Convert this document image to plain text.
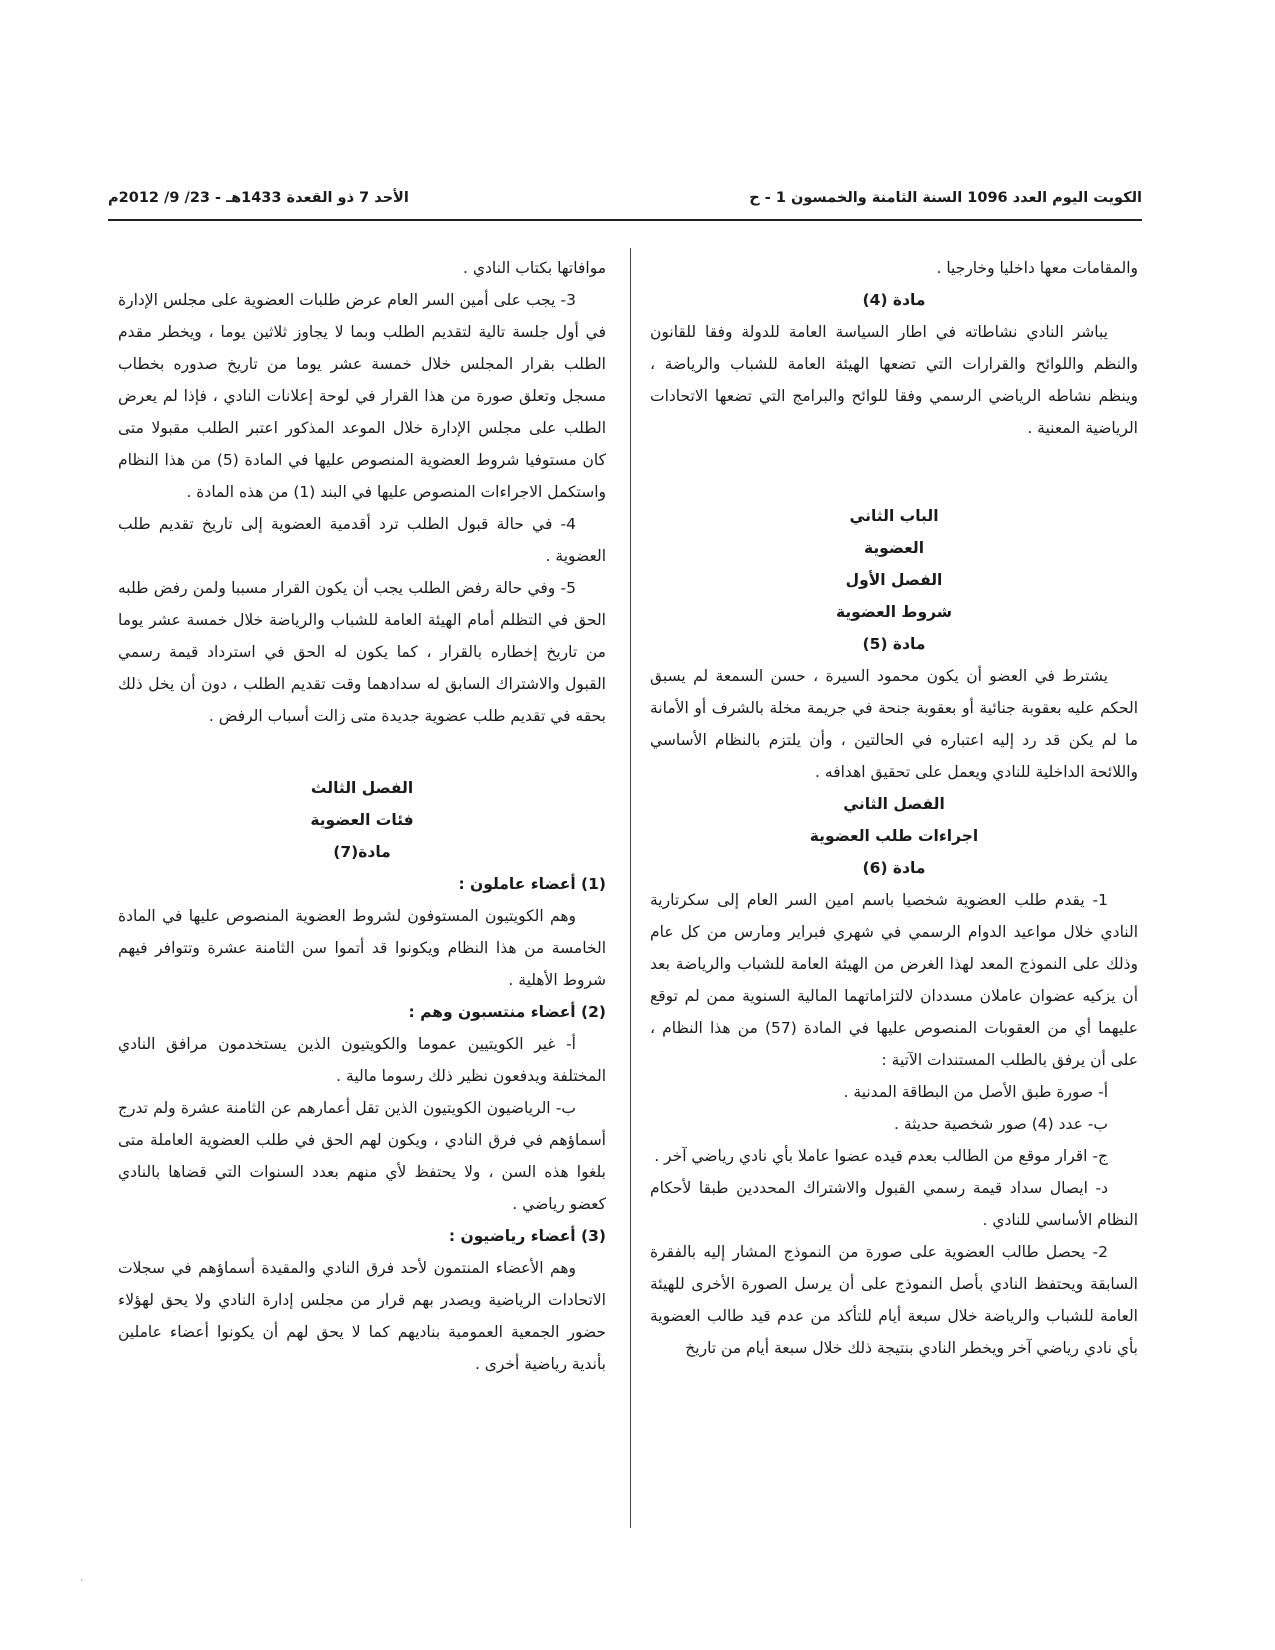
الكويت اليوم العدد 1096 السنة الثامنة والخمسون 1 - ح
الأحد 7 ذو القعدة 1433هـ - 23/ 9/ 2012م

والمقامات معها داخليا وخارجيا .

مادة (4)

يباشر النادي نشاطاته في اطار السياسة العامة للدولة وفقا للقانون والنظم واللوائح والقرارات التي تضعها الهيئة العامة للشباب والرياضة ، وينظم نشاطه الرياضي الرسمي وفقا للوائح والبرامج التي تضعها الاتحادات الرياضية المعنية .

الباب الثاني

العضوية

الفصل الأول

شروط العضوية

مادة (5)

يشترط في العضو أن يكون محمود السيرة ، حسن السمعة لم يسبق الحكم عليه بعقوبة جنائية أو بعقوبة جنحة في جريمة مخلة بالشرف أو الأمانة ما لم يكن قد رد إليه اعتباره في الحالتين ، وأن يلتزم بالنظام الأساسي واللائحة الداخلية للنادي ويعمل على تحقيق اهدافه .

الفصل الثاني

اجراءات طلب العضوية

مادة (6)

1- يقدم طلب العضوية شخصيا باسم امين السر العام إلى سكرتارية النادي خلال مواعيد الدوام الرسمي في شهري فبراير ومارس من كل عام وذلك على النموذج المعد لهذا الغرض من الهيئة العامة للشباب والرياضة بعد أن يزكيه عضوان عاملان مسددان لالتزاماتهما المالية السنوية ممن لم توقع عليهما أي من العقوبات المنصوص عليها في المادة (57) من هذا النظام ، على أن يرفق بالطلب المستندات الآتية :

أ- صورة طبق الأصل من البطاقة المدنية .

ب- عدد (4) صور شخصية حديثة .

ج- اقرار موقع من الطالب بعدم قيده عضوا عاملا بأي نادي رياضي آخر .

د- ايصال سداد قيمة رسمي القبول والاشتراك المحددين طبقا لأحكام النظام الأساسي للنادي .

2- يحصل طالب العضوية على صورة من النموذج المشار إليه بالفقرة السابقة ويحتفظ النادي بأصل النموذج على أن يرسل الصورة الأخرى للهيئة العامة للشباب والرياضة خلال سبعة أيام للتأكد من عدم قيد طالب العضوية بأي نادي رياضي آخر ويخطر النادي بنتيجة ذلك خلال سبعة أيام من تاريخ

موافاتها بكتاب النادي .

3- يجب على أمين السر العام عرض طلبات العضوية على مجلس الإدارة في أول جلسة تالية لتقديم الطلب وبما لا يجاوز ثلاثين يوما ، ويخطر مقدم الطلب بقرار المجلس خلال خمسة عشر يوما من تاريخ صدوره بخطاب مسجل وتعلق صورة من هذا القرار في لوحة إعلانات النادي ، فإذا لم يعرض الطلب على مجلس الإدارة خلال الموعد المذكور اعتبر الطلب مقبولا متى كان مستوفيا شروط العضوية المنصوص عليها في المادة (5) من هذا النظام واستكمل الاجراءات المنصوص عليها في البند (1) من هذه المادة .

4- في حالة قبول الطلب ترد أقدمية العضوية إلى تاريخ تقديم طلب العضوية .

5- وفي حالة رفض الطلب يجب أن يكون القرار مسببا ولمن رفض طلبه الحق في التظلم أمام الهيئة العامة للشباب والرياضة خلال خمسة عشر يوما من تاريخ إخطاره بالقرار ، كما يكون له الحق في استرداد قيمة رسمي القبول والاشتراك السابق له سدادهما وقت تقديم الطلب ، دون أن يخل ذلك بحقه في تقديم طلب عضوية جديدة متى زالت أسباب الرفض .

الفصل الثالث

فئات العضوية

مادة(7)

(1) أعضاء عاملون :

وهم الكويتيون المستوفون لشروط العضوية المنصوص عليها في المادة الخامسة من هذا النظام ويكونوا قد أتموا سن الثامنة عشرة وتتوافر فيهم شروط الأهلية .

(2) أعضاء منتسبون وهم :

أ- غير الكويتيين عموما والكويتيون الذين يستخدمون مرافق النادي المختلفة ويدفعون نظير ذلك رسوما مالية .

ب- الرياضيون الكويتيون الذين تقل أعمارهم عن الثامنة عشرة ولم تدرج أسماؤهم في فرق النادي ، ويكون لهم الحق في طلب العضوية العاملة متى بلغوا هذه السن ، ولا يحتفظ لأي منهم بعدد السنوات التي قضاها بالنادي كعضو رياضي .

(3) أعضاء رياضيون :

وهم الأعضاء المنتمون لأحد فرق النادي والمقيدة أسماؤهم في سجلات الاتحادات الرياضية ويصدر بهم قرار من مجلس إدارة النادي ولا يحق لهؤلاء حضور الجمعية العمومية بناديهم كما لا يحق لهم أن يكونوا أعضاء عاملين بأندية رياضية أخرى .

.
